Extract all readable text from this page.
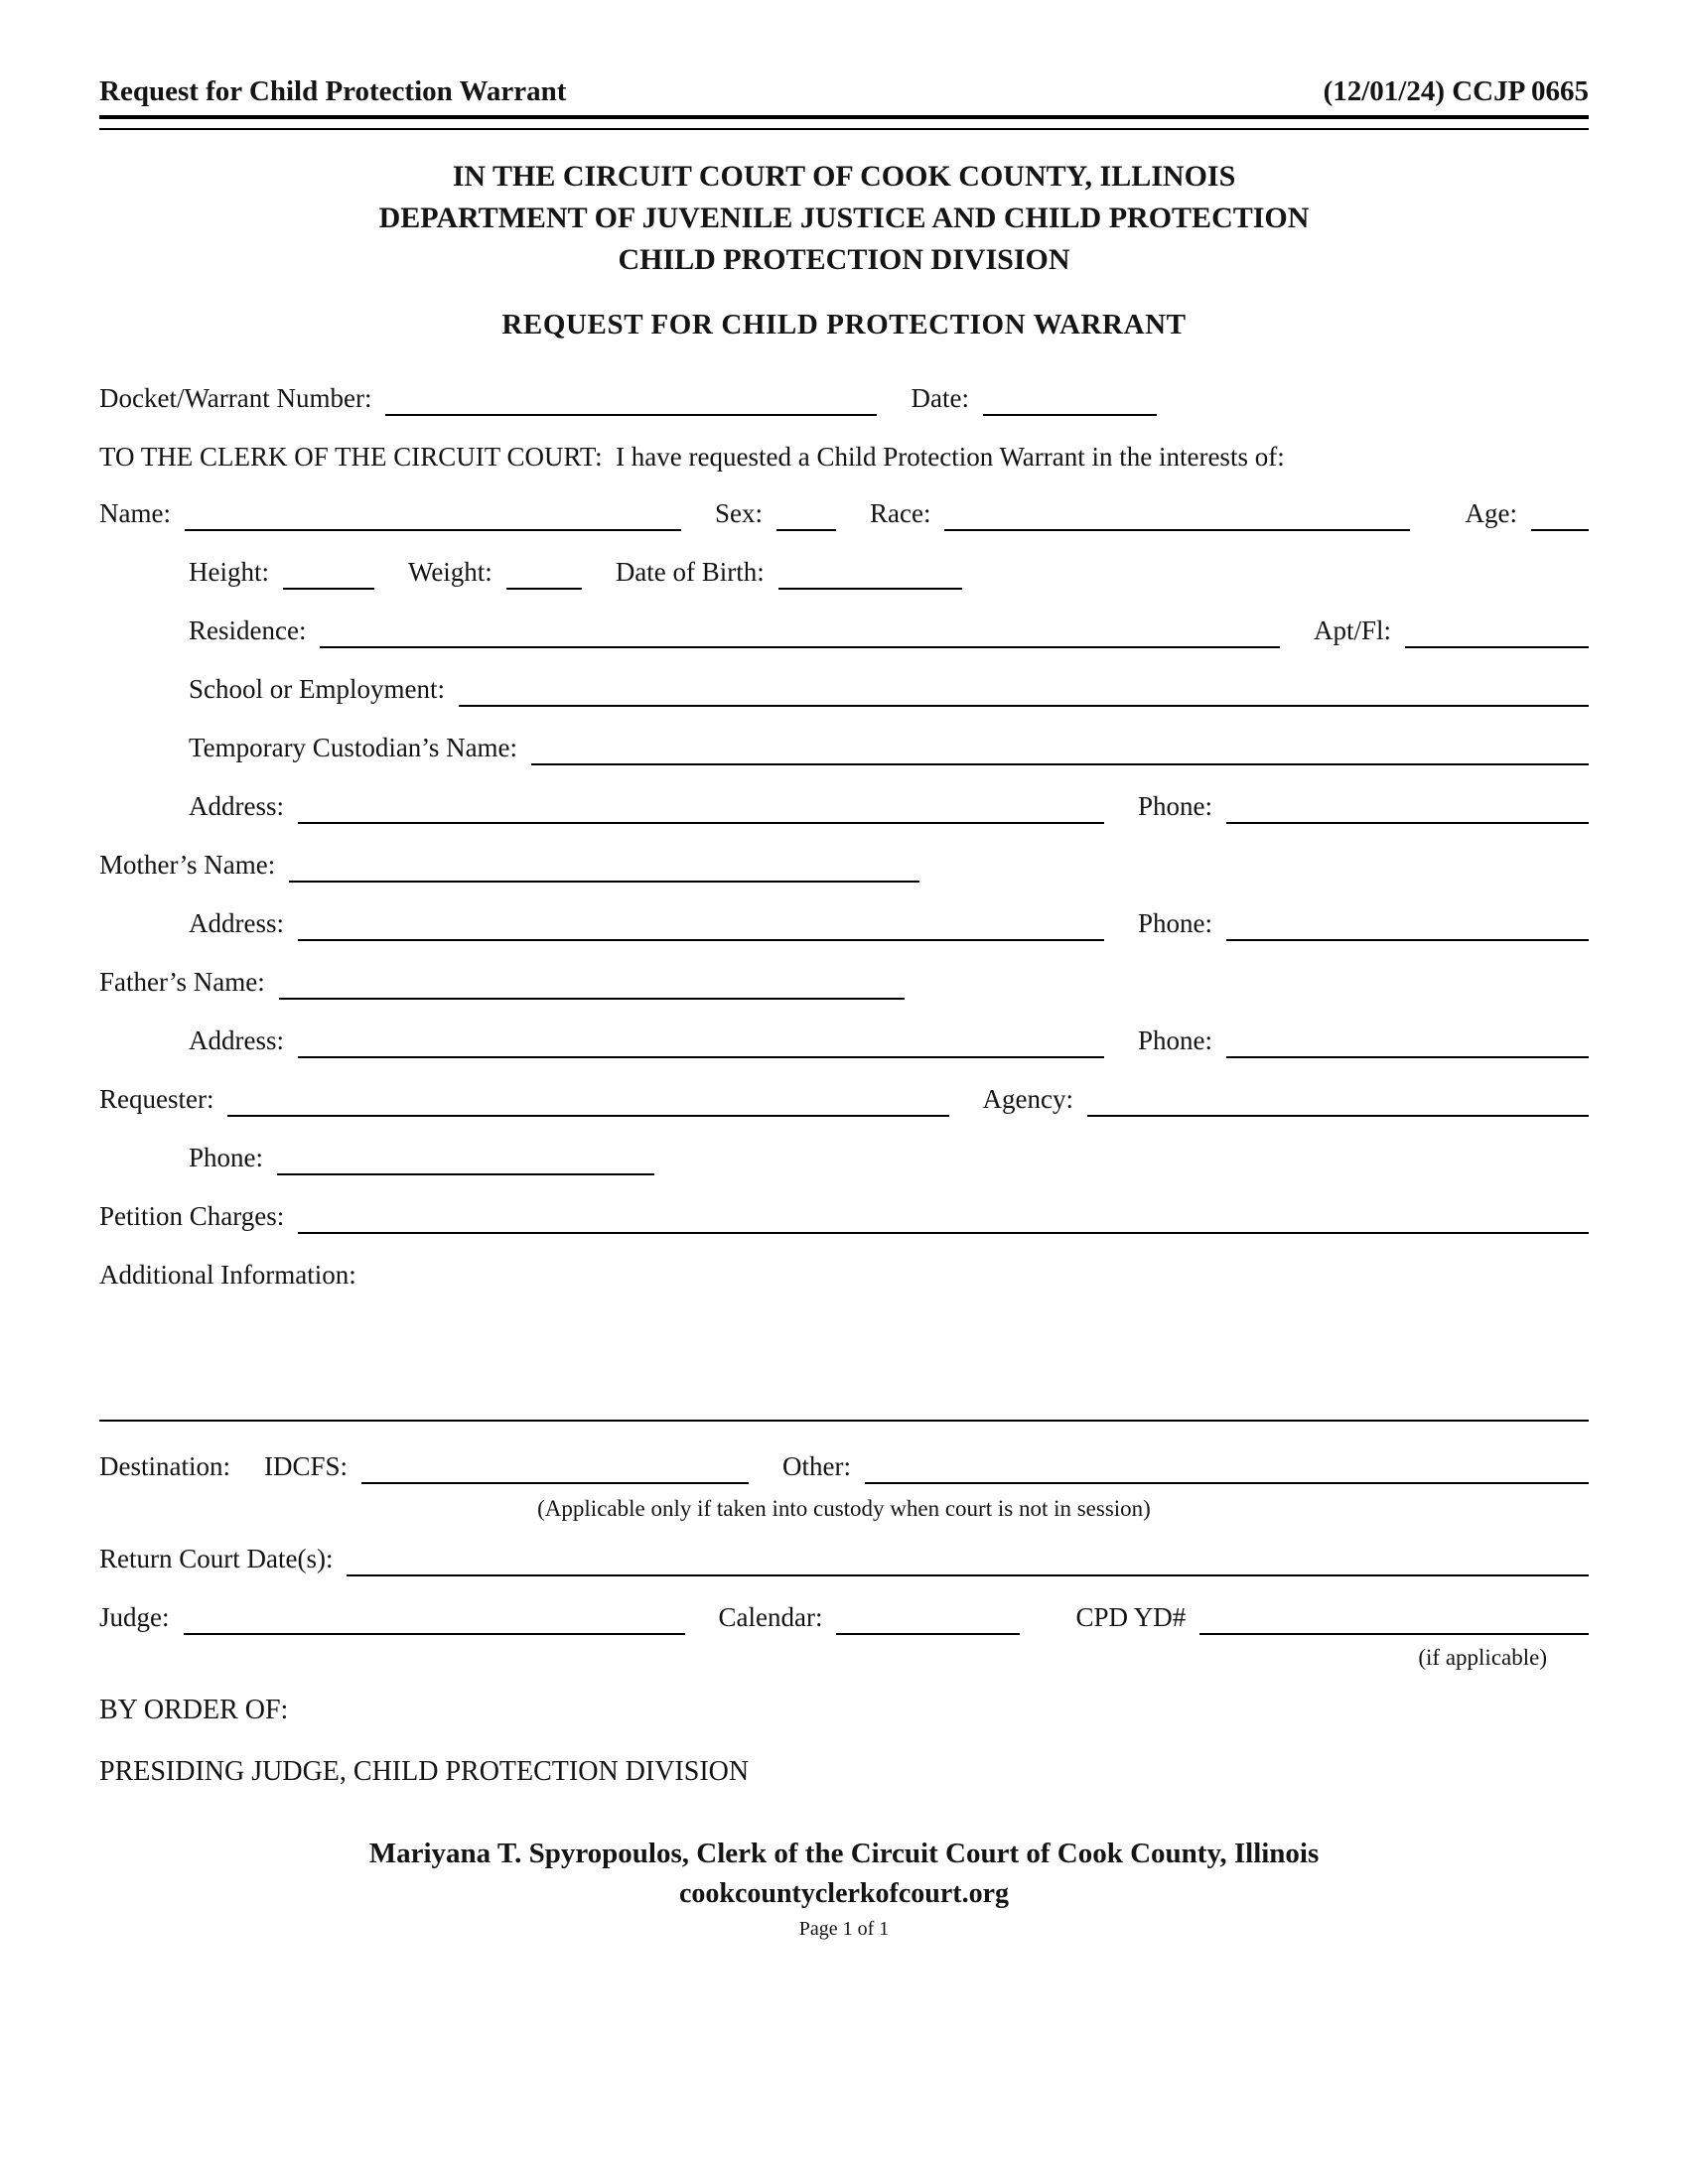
Request for Child Protection Warrant	(12/01/24) CCJP 0665
IN THE CIRCUIT COURT OF COOK COUNTY, ILLINOIS
DEPARTMENT OF JUVENILE JUSTICE AND CHILD PROTECTION
CHILD PROTECTION DIVISION
REQUEST FOR CHILD PROTECTION WARRANT
Docket/Warrant Number:	Date:
TO THE CLERK OF THE CIRCUIT COURT:  I have requested a Child Protection Warrant in the interests of:
Name:	Sex:	Race:	Age:
Height:	Weight:	Date of Birth:
Residence:	Apt/Fl:
School or Employment:
Temporary Custodian’s Name:
Address:	Phone:
Mother’s Name:
Address:	Phone:
Father’s Name:
Address:	Phone:
Requester:	Agency:
Phone:
Petition Charges:
Additional Information:
Destination: IDCFS:	Other:
(Applicable only if taken into custody when court is not in session)
Return Court Date(s):
Judge:	Calendar:	CPD YD#
(if applicable)
BY ORDER OF:
PRESIDING JUDGE, CHILD PROTECTION DIVISION
Mariyana T. Spyropoulos, Clerk of the Circuit Court of Cook County, Illinois
cookcountyclerkofcourt.org
Page 1 of 1
